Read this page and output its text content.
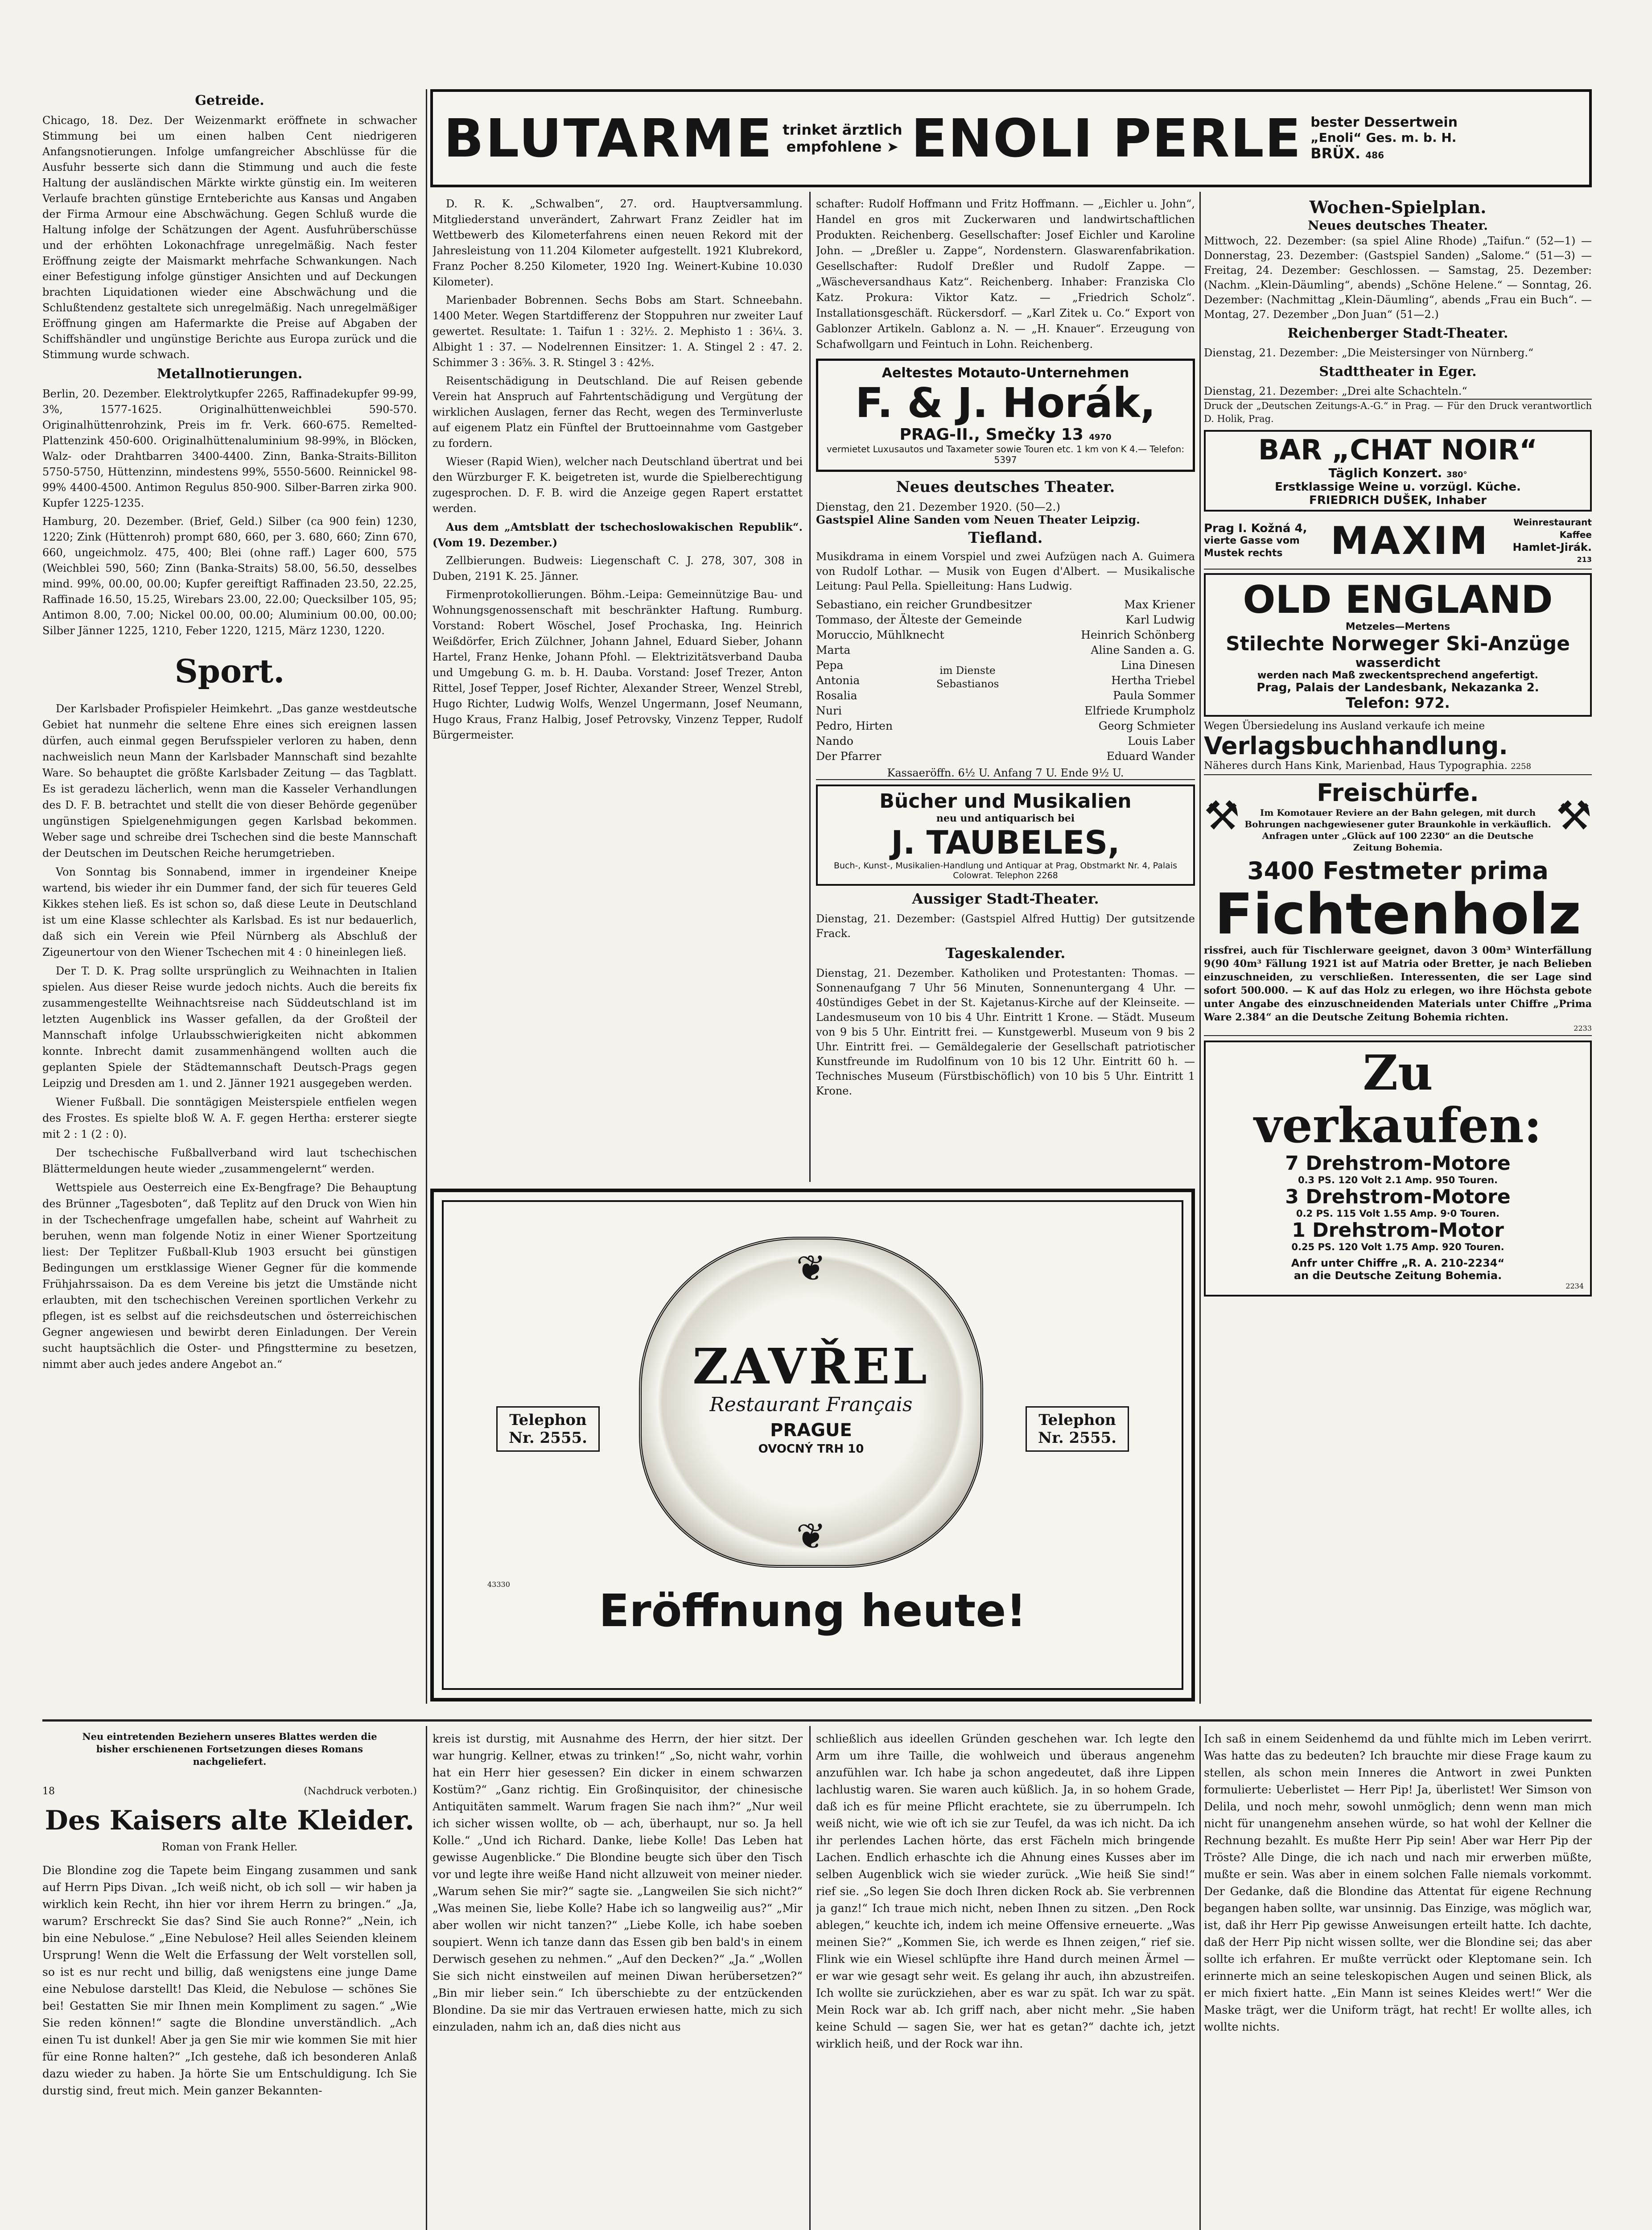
Getreide.
Chicago, 18. Dez. Der Weizenmarkt eröffnete in schwacher Stimmung bei um einen halben Cent niedrigeren Anfangsnotierungen. Infolge umfangreicher Abschlüsse für die Ausfuhr besserte sich dann die Stimmung und auch die feste Haltung der ausländischen Märkte wirkte günstig ein. Im weiteren Verlaufe brachten günstige Ernteberichte aus Kansas und Angaben der Firma Armour eine Abschwächung. Gegen Schluß wurde die Haltung infolge der Schätzungen der Agent. Ausfuhrüberschüsse und der erhöhten Lokonachfrage unregelmäßig. Nach fester Eröffnung zeigte der Maismarkt mehrfache Schwankungen. Nach einer Befestigung infolge günstiger Ansichten und auf Deckungen brachten Liquidationen wieder eine Abschwächung und die Schlußtendenz gestaltete sich unregelmäßig. Nach unregelmäßiger Eröffnung gingen am Hafermarkte die Preise auf Abgaben der Schiffshändler und ungünstige Berichte aus Europa zurück und die Stimmung wurde schwach.
Metallnotierungen.
Berlin, 20. Dezember. Elektrolytkupfer 2265, Raffinadekupfer 99-99, 3%, 1577-1625. Originalhüttenweichblei 590-570. Originalhüttenrohzink, Preis im fr. Verk. 660-675. Remelted-Plattenzink 450-600. Originalhüttenaluminium 98-99%, in Blöcken, Walz- oder Drahtbarren 3400-4400. Zinn, Banka-Straits-Billiton 5750-5750, Hüttenzinn, mindestens 99%, 5550-5600. Reinnickel 98-99% 4400-4500. Antimon Regulus 850-900. Silber-Barren zirka 900. Kupfer 1225-1235.
Hamburg, 20. Dezember. (Brief, Geld.) Silber (ca 900 fein) 1230, 1220; Zink (Hüttenroh) prompt 680, 660, per 3. 680, 660; Zinn 670, 660, ungeichmolz. 475, 400; Blei (ohne raff.) Lager 600, 575 (Weichblei 590, 560; Zinn (Banka-Straits) 58.00, 56.50, desselbes mind. 99%, 00.00, 00.00; Kupfer gereiftigt Raffinaden 23.50, 22.25, Raffinade 16.50, 15.25, Wirebars 23.00, 22.00; Quecksilber 105, 95; Antimon 8.00, 7.00; Nickel 00.00, 00.00; Aluminium 00.00, 00.00; Silber Jänner 1225, 1210, Feber 1220, 1215, März 1230, 1220.
Sport.

Der Karlsbader Profispieler Heimkehrt. „Das ganze westdeutsche Gebiet hat nunmehr die seltene Ehre eines sich ereignen lassen dürfen, auch einmal gegen Berufsspieler verloren zu haben, denn nachweislich neun Mann der Karlsbader Mannschaft sind bezahlte Ware. So behauptet die größte Karlsbader Zeitung — das Tagblatt. Es ist geradezu lächerlich, wenn man die Kasseler Verhandlungen des D. F. B. betrachtet und stellt die von dieser Behörde gegenüber ungünstigen Spielgenehmigungen gegen Karlsbad bekommen. Weber sage und schreibe drei Tschechen sind die beste Mannschaft der Deutschen im Deutschen Reiche herumgetrieben.

Von Sonntag bis Sonnabend, immer in irgendeiner Kneipe wartend, bis wieder ihr ein Dummer fand, der sich für teueres Geld Kikkes stehen ließ. Es ist schon so, daß diese Leute in Deutschland ist um eine Klasse schlechter als Karlsbad. Es ist nur bedauerlich, daß sich ein Verein wie Pfeil Nürnberg als Abschluß der Zigeunertour von den Wiener Tschechen mit 4 : 0 hineinlegen ließ.

Der T. D. K. Prag sollte ursprünglich zu Weihnachten in Italien spielen. Aus dieser Reise wurde jedoch nichts. Auch die bereits fix zusammengestellte Weihnachtsreise nach Süddeutschland ist im letzten Augenblick ins Wasser gefallen, da der Großteil der Mannschaft infolge Urlaubsschwierigkeiten nicht abkommen konnte. Inbrecht damit zusammenhängend wollten auch die geplanten Spiele der Städtemannschaft Deutsch-Prags gegen Leipzig und Dresden am 1. und 2. Jänner 1921 ausgegeben werden.

Wiener Fußball. Die sonntägigen Meisterspiele entfielen wegen des Frostes. Es spielte bloß W. A. F. gegen Hertha: ersterer siegte mit 2 : 1 (2 : 0).

Der tschechische Fußballverband wird laut tschechischen Blättermeldungen heute wieder „zusammengelernt“ werden.

Wettspiele aus Oesterreich eine Ex-Bengfrage? Die Behauptung des Brünner „Tagesboten“, daß Teplitz auf den Druck von Wien hin in der Tschechenfrage umgefallen habe, scheint auf Wahrheit zu beruhen, wenn man folgende Notiz in einer Wiener Sportzeitung liest: Der Teplitzer Fußball-Klub 1903 ersucht bei günstigen Bedingungen um erstklassige Wiener Gegner für die kommende Frühjahrssaison. Da es dem Vereine bis jetzt die Umstände nicht erlaubten, mit den tschechischen Vereinen sportlichen Verkehr zu pflegen, ist es selbst auf die reichsdeutschen und österreichischen Gegner angewiesen und bewirbt deren Einladungen. Der Verein sucht hauptsächlich die Oster- und Pfingsttermine zu besetzen, nimmt aber auch jedes andere Angebot an.“

BLUTARME trinket ärztlich
empfohlene ➤ ENOLI PERLE bester Dessertwein
„Enoli“ Ges. m. b. H.
BRÜX. 486

D. R. K. „Schwalben“, 27. ord. Hauptversammlung. Mitgliederstand unverändert, Zahrwart Franz Zeidler hat im Wettbewerb des Kilometerfahrens einen neuen Rekord mit der Jahresleistung von 11.204 Kilometer aufgestellt. 1921 Klubrekord, Franz Pocher 8.250 Kilometer, 1920 Ing. Weinert-Kubine 10.030 Kilometer).

Marienbader Bobrennen. Sechs Bobs am Start. Schneebahn. 1400 Meter. Wegen Startdifferenz der Stoppuhren nur zweiter Lauf gewertet. Resultate: 1. Taifun 1 : 32½. 2. Mephisto 1 : 36¼. 3. Albight 1 : 37. — Nodelrennen Einsitzer: 1. A. Stingel 2 : 47. 2. Schimmer 3 : 36⅝. 3. R. Stingel 3 : 42⅘.

Reisentschädigung in Deutschland. Die auf Reisen gebende Verein hat Anspruch auf Fahrtentschädigung und Vergütung der wirklichen Auslagen, ferner das Recht, wegen des Terminverluste auf eigenem Platz ein Fünftel der Bruttoeinnahme vom Gastgeber zu fordern.

Wieser (Rapid Wien), welcher nach Deutschland übertrat und bei den Würzburger F. K. beigetreten ist, wurde die Spielberechtigung zugesprochen. D. F. B. wird die Anzeige gegen Rapert erstattet werden.

Aus dem „Amtsblatt der tschechoslowakischen Republik“. (Vom 19. Dezember.)

Zellbierungen. Budweis: Liegenschaft C. J. 278, 307, 308 in Duben, 2191 K. 25. Jänner.

Firmenprotokollierungen. Böhm.-Leipa: Gemeinnützige Bau- und Wohnungsgenossenschaft mit beschränkter Haftung. Rumburg. Vorstand: Robert Wöschel, Josef Prochaska, Ing. Heinrich Weißdörfer, Erich Zülchner, Johann Jahnel, Eduard Sieber, Johann Hartel, Franz Henke, Johann Pfohl. — Elektrizitätsverband Dauba und Umgebung G. m. b. H. Dauba. Vorstand: Josef Trezer, Anton Rittel, Josef Tepper, Josef Richter, Alexander Streer, Wenzel Strebl, Hugo Richter, Ludwig Wolfs, Wenzel Ungermann, Josef Neumann, Hugo Kraus, Franz Halbig, Josef Petrovsky, Vinzenz Tepper, Rudolf Bürgermeister.

schafter: Rudolf Hoffmann und Fritz Hoffmann. — „Eichler u. John“, Handel en gros mit Zuckerwaren und landwirtschaftlichen Produkten. Reichenberg. Gesellschafter: Josef Eichler und Karoline John. — „Dreßler u. Zappe“, Nordenstern. Glaswarenfabrikation. Gesellschafter: Rudolf Dreßler und Rudolf Zappe. — „Wäscheversandhaus Katz“. Reichenberg. Inhaber: Franziska Clo Katz. Prokura: Viktor Katz. — „Friedrich Scholz“. Installationsgeschäft. Rückersdorf. — „Karl Zitek u. Co.“ Export von Gablonzer Artikeln. Gablonz a. N. — „H. Knauer“. Erzeugung von Schafwollgarn und Feintuch in Lohn. Reichenberg.
Aeltestes Motauto-Unternehmen
F. & J. Horák,
PRAG-II., Smečky 13 4970
vermietet Luxusautos und Taxameter sowie Touren etc. 1 km von K 4.— Telefon: 5397
Neues deutsches Theater.
Dienstag, den 21. Dezember 1920. (50—2.)
Gastspiel Aline Sanden vom Neuen Theater Leipzig.
Tiefland.
Musikdrama in einem Vorspiel und zwei Aufzügen nach A. Guimera von Rudolf Lothar. — Musik von Eugen d'Albert. — Musikalische Leitung: Paul Pella. Spielleitung: Hans Ludwig.
Sebastiano, ein reicher Grundbesitzer	Max Kriener
Tommaso, der Älteste der Gemeinde	Karl Ludwig
Moruccio, Mühlknecht	Heinrich Schönberg
Marta	Aline Sanden a. G.
Pepa	Lina Dinesen
Antonia	Hertha Triebel
Rosalia	Paula Sommer
Nuri	Elfriede Krumpholz
Pedro, Hirten	Georg Schmieter
Nando	Louis Laber
Der Pfarrer	Eduard Wander
im Dienste Sebastianos
Kassaeröffn. 6½ U. Anfang 7 U. Ende 9½ U.
Bücher und Musikalien
neu und antiquarisch bei
J. TAUBELES,
Buch-, Kunst-, Musikalien-Handlung und Antiquar at Prag, Obstmarkt Nr. 4, Palais Colowrat. Telephon 2268
Aussiger Stadt-Theater.
Dienstag, 21. Dezember: (Gastspiel Alfred Huttig) Der gutsitzende Frack.
Tageskalender.
Dienstag, 21. Dezember. Katholiken und Protestanten: Thomas. — Sonnenaufgang 7 Uhr 56 Minuten, Sonnenuntergang 4 Uhr. — 40stündiges Gebet in der St. Kajetanus-Kirche auf der Kleinseite. — Landesmuseum von 10 bis 4 Uhr. Eintritt 1 Krone. — Städt. Museum von 9 bis 5 Uhr. Eintritt frei. — Kunstgewerbl. Museum von 9 bis 2 Uhr. Eintritt frei. — Gemäldegalerie der Gesellschaft patriotischer Kunstfreunde im Rudolfinum von 10 bis 12 Uhr. Eintritt 60 h. — Technisches Museum (Fürstbischöflich) von 10 bis 5 Uhr. Eintritt 1 Krone.
Wochen-Spielplan.
Neues deutsches Theater.
Mittwoch, 22. Dezember: (sa spiel Aline Rhode) „Taifun.“ (52—1) — Donnerstag, 23. Dezember: (Gastspiel Sanden) „Salome.“ (51—3) — Freitag, 24. Dezember: Geschlossen. — Samstag, 25. Dezember: (Nachm. „Klein-Däumling“, abends) „Schöne Helene.“ — Sonntag, 26. Dezember: (Nachmittag „Klein-Däumling“, abends „Frau ein Buch“. — Montag, 27. Dezember „Don Juan“ (51—2.)
Reichenberger Stadt-Theater.
Dienstag, 21. Dezember: „Die Meistersinger von Nürnberg.“
Stadttheater in Eger.
Dienstag, 21. Dezember: „Drei alte Schachteln.“
Druck der „Deutschen Zeitungs-A.-G.“ in Prag. — Für den Druck verantwortlich D. Holik, Prag.
BAR „CHAT NOIR“
Täglich Konzert. 380°
Erstklassige Weine u. vorzügl. Küche.
FRIEDRICH DUŠEK, Inhaber
Prag I. Kožná 4,
vierte Gasse vom
Mustek rechts	MAXIM	Weinrestaurant
Kaffee
Hamlet-Jirák.
213
OLD ENGLAND
Metzeles—Mertens
Stilechte Norweger Ski-Anzüge
wasserdicht
werden nach Maß zweckentsprechend angefertigt.
Prag, Palais der Landesbank, Nekazanka 2.
Telefon: 972.
Wegen Übersiedelung ins Ausland verkaufe ich meine
Verlagsbuchhandlung.
Näheres durch Hans Kink, Marienbad, Haus Typographia. 2258
⚒	Freischürfe.
Im Komotauer Reviere an der Bahn gelegen, mit durch Bohrungen nachgewiesener guter Braunkohle in verkäuflich. Anfragen unter „Glück auf 100 2230“ an die Deutsche Zeitung Bohemia.
⚒
3400 Festmeter prima
Fichtenholz
rissfrei, auch für Tischlerware geeignet, davon 3 00m³ Winterfällung 9(90 40m³ Fällung 1921 ist auf Matria oder Bretter, je nach Belieben einzuschneiden, zu verschließen. Interessenten, die ser Lage sind sofort 500.000. — K auf das Holz zu erlegen, wo ihre Höchsta gebote unter Angabe des einzuschneidenden Materials unter Chiffre „Prima Ware 2.384“ an die Deutsche Zeitung Bohemia richten.
2233
Zu verkaufen:
7 Drehstrom-Motore
0.3 PS. 120 Volt 2.1 Amp. 950 Touren.
3 Drehstrom-Motore
0.2 PS. 115 Volt 1.55 Amp. 9·0 Touren.
1 Drehstrom-Motor
0.25 PS. 120 Volt 1.75 Amp. 920 Touren.
Anfr unter Chiffre „R. A. 210-2234“
an die Deutsche Zeitung Bohemia.
2234
Telephon
Nr. 2555.
Telephon
Nr. 2555.
❦
❦
ZAVŘEL
Restaurant Français
PRAGUE
OVOCNÝ TRH 10
43330
Eröffnung heute!
Neu eintretenden Beziehern unseres Blattes werden die bisher erschienenen Fortsetzungen dieses Romans nachgeliefert.
18	(Nachdruck verboten.)
Des Kaisers alte Kleider.
Roman von Frank Heller.
Die Blondine zog die Tapete beim Eingang zusammen und sank auf Herrn Pips Divan. „Ich weiß nicht, ob ich soll — wir haben ja wirklich kein Recht, ihn hier vor ihrem Herrn zu bringen.“ „Ja, warum? Erschreckt Sie das? Sind Sie auch Ronne?“ „Nein, ich bin eine Nebulose.“ „Eine Nebulose? Heil alles Seienden kleinem Ursprung! Wenn die Welt die Erfassung der Welt vorstellen soll, so ist es nur recht und billig, daß wenigstens eine junge Dame eine Nebulose darstellt! Das Kleid, die Nebulose — schönes Sie bei! Gestatten Sie mir Ihnen mein Kompliment zu sagen.“ „Wie Sie reden können!“ sagte die Blondine unverständlich. „Ach einen Tu ist dunkel! Aber ja gen Sie mir wie kommen Sie mit hier für eine Ronne halten?“ „Ich gestehe, daß ich besonderen Anlaß dazu wieder zu haben. Ja hörte Sie um Entschuldigung. Ich Sie durstig sind, freut mich. Mein ganzer Bekannten-
kreis ist durstig, mit Ausnahme des Herrn, der hier sitzt. Der war hungrig. Kellner, etwas zu trinken!“ „So, nicht wahr, vorhin hat ein Herr hier gesessen? Ein dicker in einem schwarzen Kostüm?“ „Ganz richtig. Ein Großinquisitor, der chinesische Antiquitäten sammelt. Warum fragen Sie nach ihm?“ „Nur weil ich sicher wissen wollte, ob — ach, überhaupt, nur so. Ja hell Kolle.“ „Und ich Richard. Danke, liebe Kolle! Das Leben hat gewisse Augenblicke.“ Die Blondine beugte sich über den Tisch vor und legte ihre weiße Hand nicht allzuweit von meiner nieder. „Warum sehen Sie mir?“ sagte sie. „Langweilen Sie sich nicht?“ „Was meinen Sie, liebe Kolle? Habe ich so langweilig aus?“ „Mir aber wollen wir nicht tanzen?“ „Liebe Kolle, ich habe soeben soupiert. Wenn ich tanze dann das Essen gib ben bald's in einem Derwisch gesehen zu nehmen.“ „Auf den Decken?“ „Ja.“ „Wollen Sie sich nicht einstweilen auf meinen Diwan herübersetzen?“ „Bin mir lieber sein.“ Ich überschiebte zu der entzückenden Blondine. Da sie mir das Vertrauen erwiesen hatte, mich zu sich einzuladen, nahm ich an, daß dies nicht aus
schließlich aus ideellen Gründen geschehen war. Ich legte den Arm um ihre Taille, die wohlweich und überaus angenehm anzufühlen war. Ich habe ja schon angedeutet, daß ihre Lippen lachlustig waren. Sie waren auch küßlich. Ja, in so hohem Grade, daß ich es für meine Pflicht erachtete, sie zu überrumpeln. Ich weiß nicht, wie wie oft ich sie zur Teufel, da was ich nicht. Da ich ihr perlendes Lachen hörte, das erst Fächeln mich bringende Lachen. Endlich erhaschte ich die Ahnung eines Kusses aber im selben Augenblick wich sie wieder zurück. „Wie heiß Sie sind!“ rief sie. „So legen Sie doch Ihren dicken Rock ab. Sie verbrennen ja ganz!“ Ich traue mich nicht, neben Ihnen zu sitzen. „Den Rock ablegen,“ keuchte ich, indem ich meine Offensive erneuerte. „Was meinen Sie?“ „Kommen Sie, ich werde es Ihnen zeigen,“ rief sie. Flink wie ein Wiesel schlüpfte ihre Hand durch meinen Ärmel — er war wie gesagt sehr weit. Es gelang ihr auch, ihn abzustreifen. Ich wollte sie zurückziehen, aber es war zu spät. Ich war zu spät. Mein Rock war ab. Ich griff nach, aber nicht mehr. „Sie haben keine Schuld — sagen Sie, wer hat es getan?“ dachte ich, jetzt wirklich heiß, und der Rock war ihn.
Ich saß in einem Seidenhemd da und fühlte mich im Leben verirrt. Was hatte das zu bedeuten? Ich brauchte mir diese Frage kaum zu stellen, als schon mein Inneres die Antwort in zwei Punkten formulierte: Ueberlistet — Herr Pip! Ja, überlistet! Wer Simson von Delila, und noch mehr, sowohl unmöglich; denn wenn man mich nicht für unangenehm ansehen würde, so hat wohl der Kellner die Rechnung bezahlt. Es mußte Herr Pip sein! Aber war Herr Pip der Tröste? Alle Dinge, die ich nach und nach mir erwerben müßte, mußte er sein. Was aber in einem solchen Falle niemals vorkommt. Der Gedanke, daß die Blondine das Attentat für eigene Rechnung begangen haben sollte, war unsinnig. Das Einzige, was möglich war, ist, daß ihr Herr Pip gewisse Anweisungen erteilt hatte. Ich dachte, daß der Herr Pip nicht wissen sollte, wer die Blondine sei; das aber sollte ich erfahren. Er mußte verrückt oder Kleptomane sein. Ich erinnerte mich an seine teleskopischen Augen und seinen Blick, als er mich fixiert hatte. „Ein Mann ist seines Kleides wert!“ Wer die Maske trägt, wer die Uniform trägt, hat recht! Er wollte alles, ich wollte nichts.
